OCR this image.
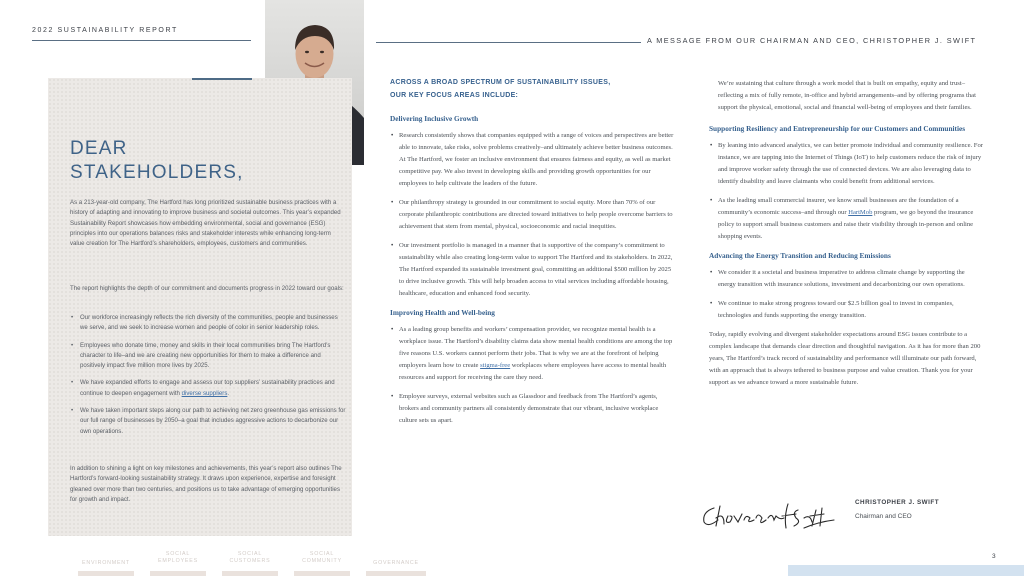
2022 SUSTAINABILITY REPORT
A MESSAGE FROM OUR CHAIRMAN AND CEO, CHRISTOPHER J. SWIFT
DEAR
STAKEHOLDERS,
As a 213-year-old company, The Hartford has long prioritized sustainable business practices with a history of adapting and innovating to improve business and societal outcomes. This year’s expanded Sustainability Report showcases how embedding environmental, social and governance (ESG) principles into our operations balances risks and stakeholder interests while enhancing long-term value creation for The Hartford’s shareholders, employees, customers and communities.
The report highlights the depth of our commitment and documents progress in 2022 toward our goals:
• Our workforce increasingly reflects the rich diversity of the communities, people and businesses we serve, and we seek to increase women and people of color in senior leadership roles.
• Employees who donate time, money and skills in their local communities bring The Hartford’s character to life–and we are creating new opportunities for them to make a difference and positively impact five million more lives by 2025.
• We have expanded efforts to engage and assess our top suppliers’ sustainability practices and continue to deepen engagement with diverse suppliers.
• We have taken important steps along our path to achieving net zero greenhouse gas emissions for our full range of businesses by 2050–a goal that includes aggressive actions to decarbonize our own operations.
In addition to shining a light on key milestones and achievements, this year’s report also outlines The Hartford’s forward-looking sustainability strategy. It draws upon experience, expertise and foresight gleaned over more than two centuries, and positions us to take advantage of emerging opportunities for growth and impact.
ENVIRONMENT
SOCIAL
EMPLOYEES
SOCIAL
CUSTOMERS
SOCIAL
COMMUNITY	GOVERNANCE
ACROSS A BROAD SPECTRUM OF SUSTAINABILITY ISSUES,
OUR KEY FOCUS AREAS INCLUDE:
Delivering Inclusive Growth
• Research consistently shows that companies equipped with a range of voices and perspectives are better able to innovate, take risks, solve problems creatively–and ultimately achieve better business outcomes. At The Hartford, we foster an inclusive environment that ensures fairness and equity, as well as market competitive pay. We also invest in developing skills and providing growth opportunities for our employees to help cultivate the leaders of the future.
• Our philanthropy strategy is grounded in our commitment to social equity. More than 70% of our corporate philanthropic contributions are directed toward initiatives to help people overcome barriers to achievement that stem from mental, physical, socioeconomic and racial inequities.
• Our investment portfolio is managed in a manner that is supportive of the company’s commitment to sustainability while also creating long-term value to support The Hartford and its stakeholders. In 2022, The Hartford expanded its sustainable investment goal, committing an additional $500 million by 2025 to drive inclusive growth. This will help broaden access to vital services including affordable housing, healthcare, education and enhanced food security.
Improving Health and Well-being
• As a leading group benefits and workers’ compensation provider, we recognize mental health is a workplace issue. The Hartford’s disability claims data show mental health conditions are among the top five reasons U.S. workers cannot perform their jobs. That is why we are at the forefront of helping employers learn how to create stigma-free workplaces where employees have access to mental health resources and support for receiving the care they need.
• Employee surveys, external websites such as Glassdoor and feedback from The Hartford’s agents, brokers and community partners all consistently demonstrate that our vibrant, inclusive workplace culture sets us apart.

We’re sustaining that culture through a work model that is built on empathy, equity and trust–reflecting a mix of fully remote, in-office and hybrid arrangements–and by offering programs that support the physical, emotional, social and financial well-being of employees and their families.

Supporting Resiliency and Entrepreneurship for our Customers and Communities
• By leaning into advanced analytics, we can better promote individual and community resilience. For instance, we are tapping into the Internet of Things (IoT) to help customers reduce the risk of injury and improve worker safety through the use of connected devices. We are also leveraging data to identify disability and leave claimants who could benefit from additional services.
• As the leading small commercial insurer, we know small businesses are the foundation of a community’s economic success–and through our HartMob program, we go beyond the insurance policy to support small business customers and raise their visibility through in-person and online shopping events.
Advancing the Energy Transition and Reducing Emissions
• We consider it a societal and business imperative to address climate change by supporting the energy transition with insurance solutions, investment and decarbonizing our own operations.
• We continue to make strong progress toward our $2.5 billion goal to invest in companies, technologies and funds supporting the energy transition.

Today, rapidly evolving and divergent stakeholder expectations around ESG issues contribute to a complex landscape that demands clear direction and thoughtful navigation. As it has for more than 200 years, The Hartford’s track record of sustainability and performance will illuminate our path forward, with an approach that is always tethered to business purpose and value creation. Thank you for your support as we advance toward a more sustainable future.

CHRISTOPHER J. SWIFT
Chairman and CEO
3
